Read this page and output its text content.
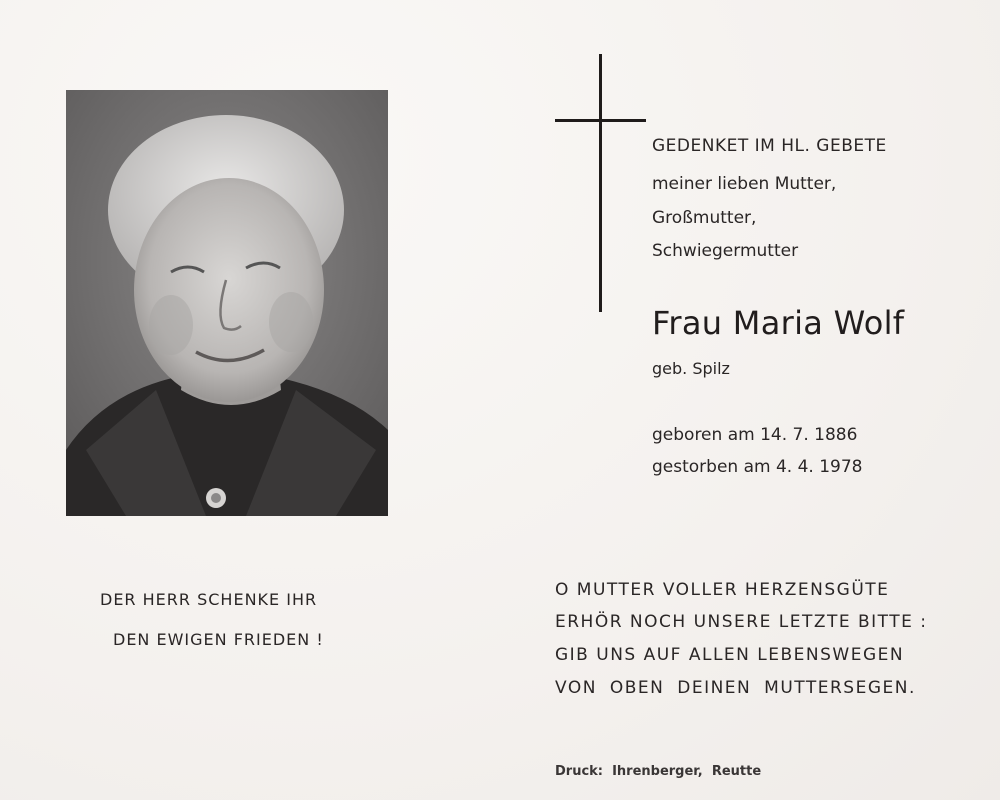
GEDENKET IM HL. GEBETE
meiner lieben Mutter,
Großmutter,
Schwiegermutter
Frau Maria Wolf
geb. Spilz
geboren am 14. 7. 1886
gestorben am 4. 4. 1978
DER HERR SCHENKE IHR
DEN EWIGEN FRIEDEN !
O MUTTER VOLLER HERZENSGÜTE
ERHÖR NOCH UNSERE LETZTE BITTE :
GIB UNS AUF ALLEN LEBENSWEGEN
VON OBEN DEINEN MUTTERSEGEN.
Druck: Ihrenberger, Reutte
